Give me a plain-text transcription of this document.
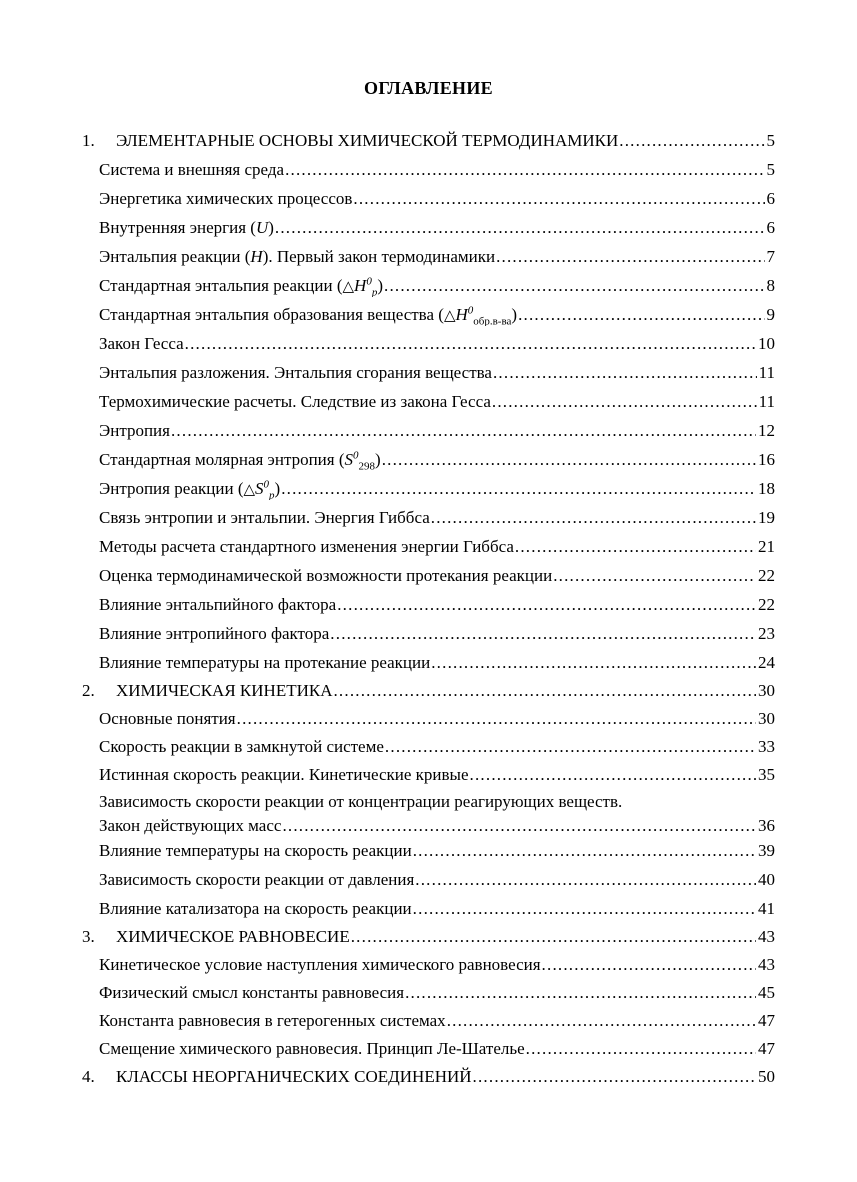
ОГЛАВЛЕНИЕ
1. ЭЛЕМЕНТАРНЫЕ ОСНОВЫ ХИМИЧЕСКОЙ ТЕРМОДИНАМИКИ .....	5
Система и внешняя среда .....	5
Энергетика химических процессов .....	6
Внутренняя энергия (U) .....	6
Энтальпия реакции (H). Первый закон термодинамики .....	7
Стандартная энтальпия реакции $(\triangle H^0_p)$ .....	8
Стандартная энтальпия образования вещества $(\triangle H^0_{обр.в-ва})$ .....	9
Закон Гесса .....	10
Энтальпия разложения. Энтальпия сгорания вещества .....	11
Термохимические расчеты. Следствие из закона Гесса .....	11
Энтропия .....	12
Стандартная молярная энтропия $(S^0_{298})$ .....	16
Энтропия реакции $(\triangle S^0_p)$ .....	18
Связь энтропии и энтальпии. Энергия Гиббса .....	19
Методы расчета стандартного изменения энергии Гиббса .....	21
Оценка термодинамической возможности протекания реакции .....	22
Влияние энтальпийного фактора .....	22
Влияние энтропийного фактора .....	23
Влияние температуры на протекание реакции .....	24
2. ХИМИЧЕСКАЯ КИНЕТИКА .....	30
Основные понятия .....	30
Скорость реакции в замкнутой системе .....	33
Истинная скорость реакции. Кинетические кривые .....	35
Зависимость скорости реакции от концентрации реагирующих веществ.
Закон действующих масс .....	36
Влияние температуры на скорость реакции .....	39
Зависимость скорости реакции от давления .....	40
Влияние катализатора на скорость реакции .....	41
3. ХИМИЧЕСКОЕ РАВНОВЕСИЕ .....	43
Кинетическое условие наступления химического равновесия .....	43
Физический смысл константы равновесия .....	45
Константа равновесия в гетерогенных системах .....	47
Смещение химического равновесия. Принцип Ле-Шателье .....	47
4. КЛАССЫ НЕОРГАНИЧЕСКИХ СОЕДИНЕНИЙ .....	50
